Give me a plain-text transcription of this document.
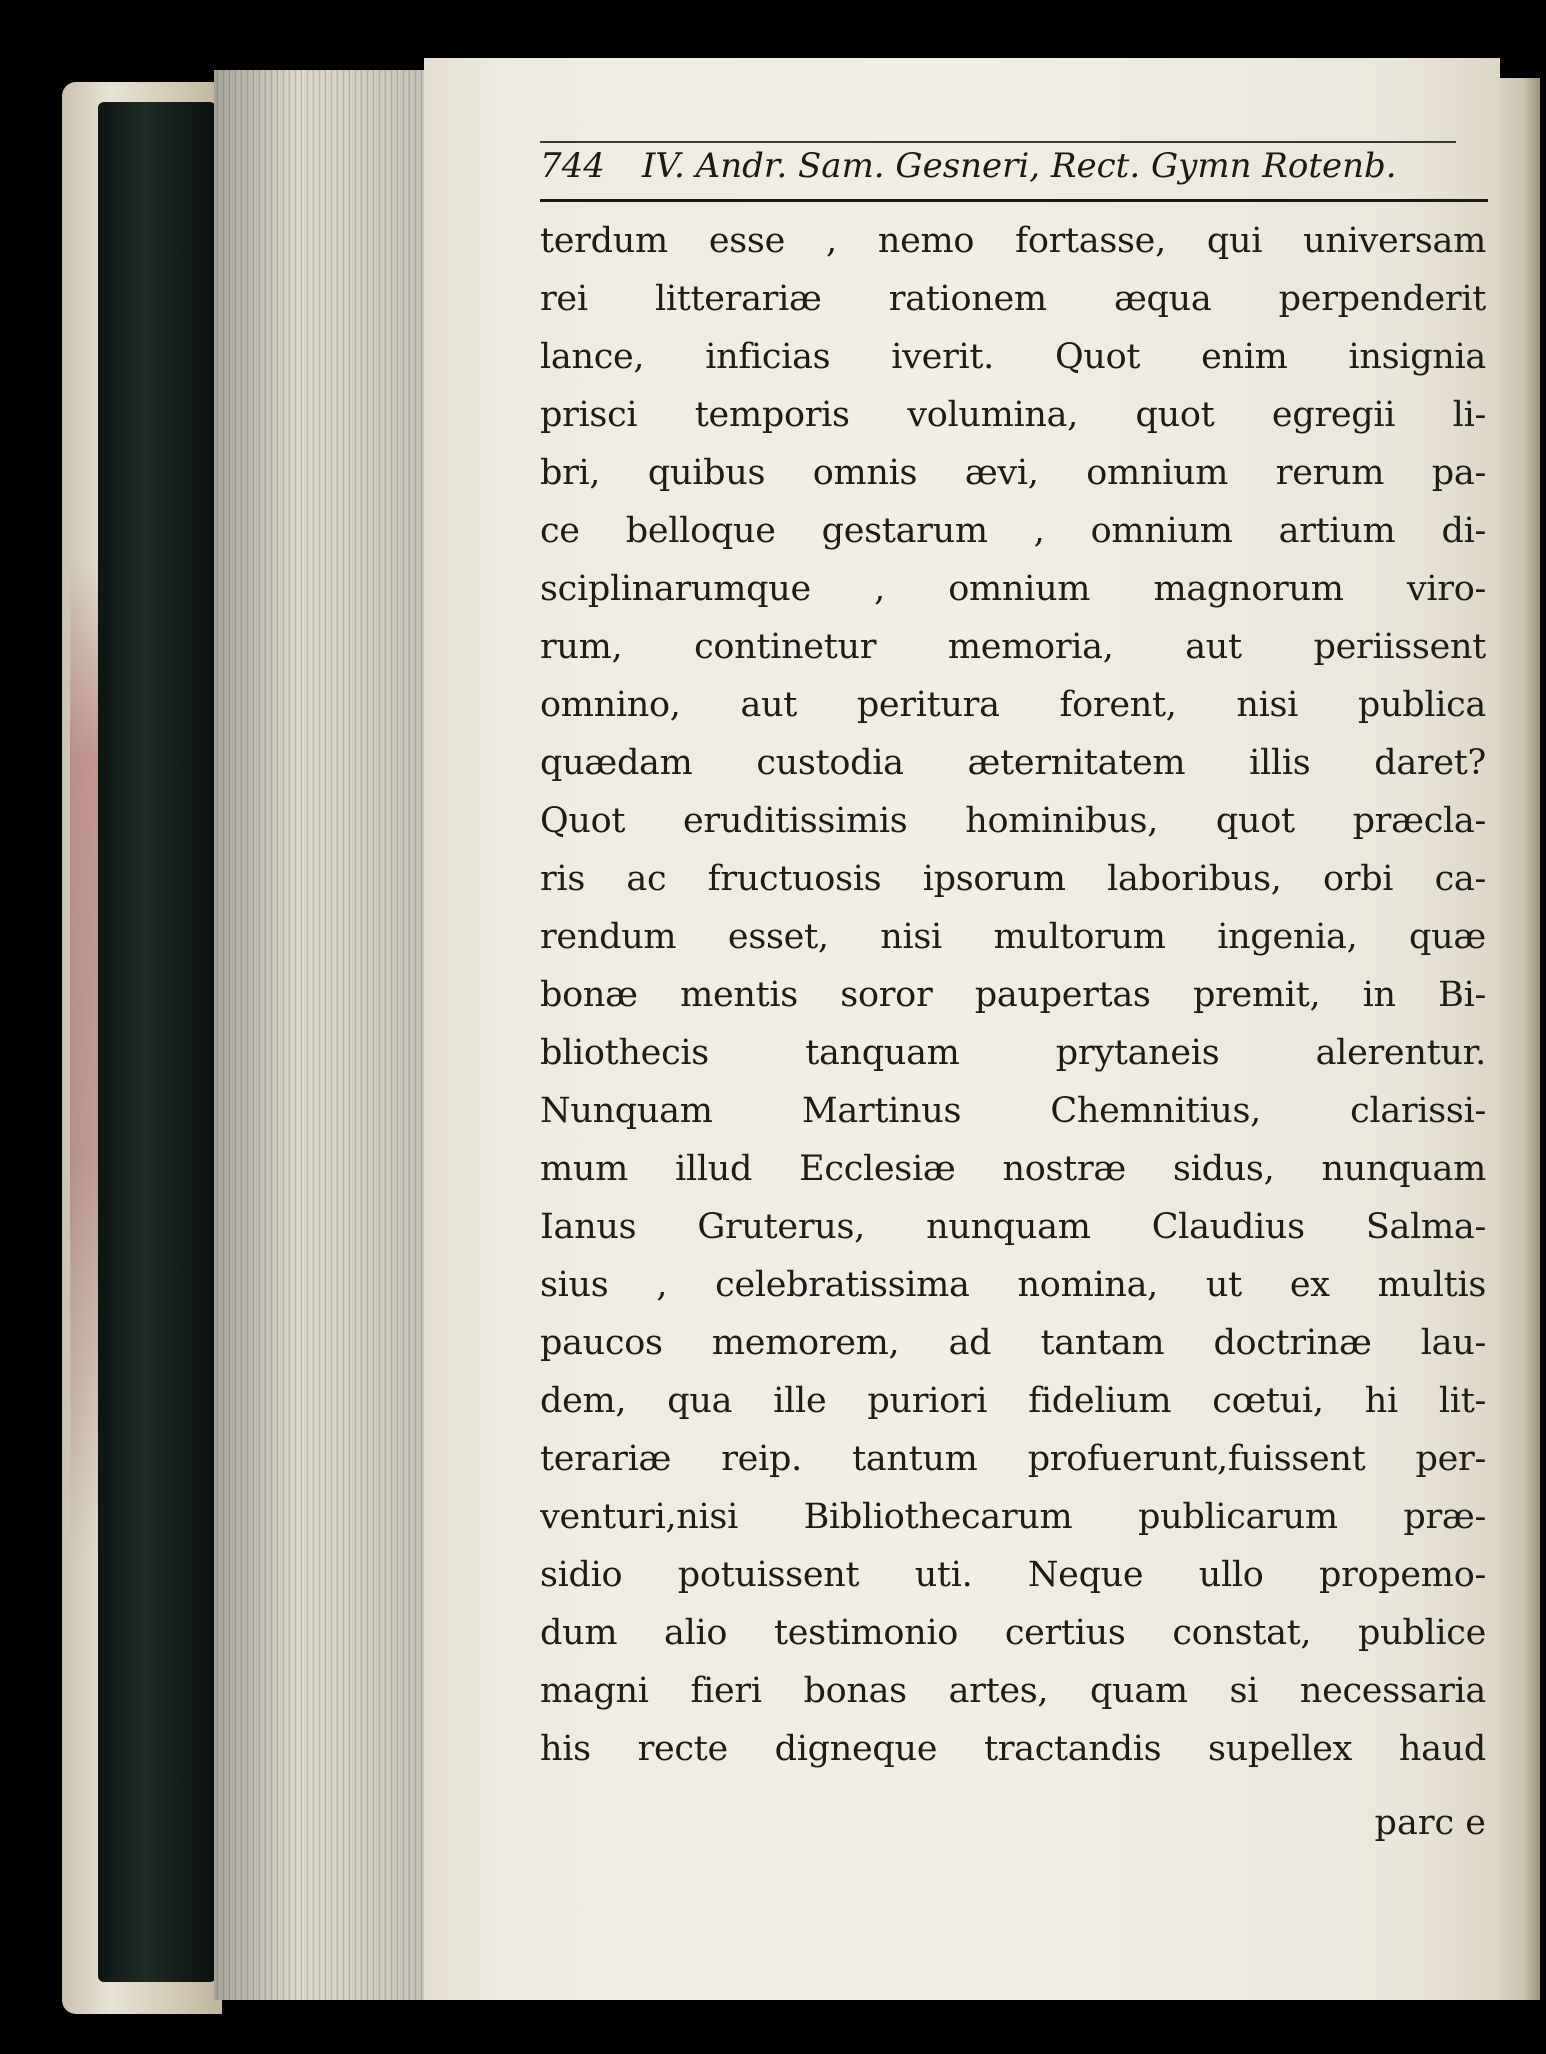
744 IV. Andr. Sam. Gesneri, Rect. Gymn Rotenb.
terdum esse , nemo fortasse, qui universam
rei litterariæ rationem æqua perpenderit
lance, inficias iverit. Quot enim insignia
prisci temporis volumina, quot egregii li-
bri, quibus omnis ævi, omnium rerum pa-
ce belloque gestarum , omnium artium di-
sciplinarumque , omnium magnorum viro-
rum, continetur memoria, aut periissent
omnino, aut peritura forent, nisi publica
quædam custodia æternitatem illis daret?
Quot eruditissimis hominibus, quot præcla-
ris ac fructuosis ipsorum laboribus, orbi ca-
rendum esset, nisi multorum ingenia, quæ
bonæ mentis soror paupertas premit, in Bi-
bliothecis tanquam prytaneis alerentur.
Nunquam Martinus Chemnitius, clarissi-
mum illud Ecclesiæ nostræ sidus, nunquam
Ianus Gruterus, nunquam Claudius Salma-
sius , celebratissima nomina, ut ex multis
paucos memorem, ad tantam doctrinæ lau-
dem, qua ille puriori fidelium cœtui, hi lit-
terariæ reip. tantum profuerunt,fuissent per-
venturi,nisi Bibliothecarum publicarum præ-
sidio potuissent uti. Neque ullo propemo-
dum alio testimonio certius constat, publice
magni fieri bonas artes, quam si necessaria
his recte digneque tractandis supellex haud
parc e
